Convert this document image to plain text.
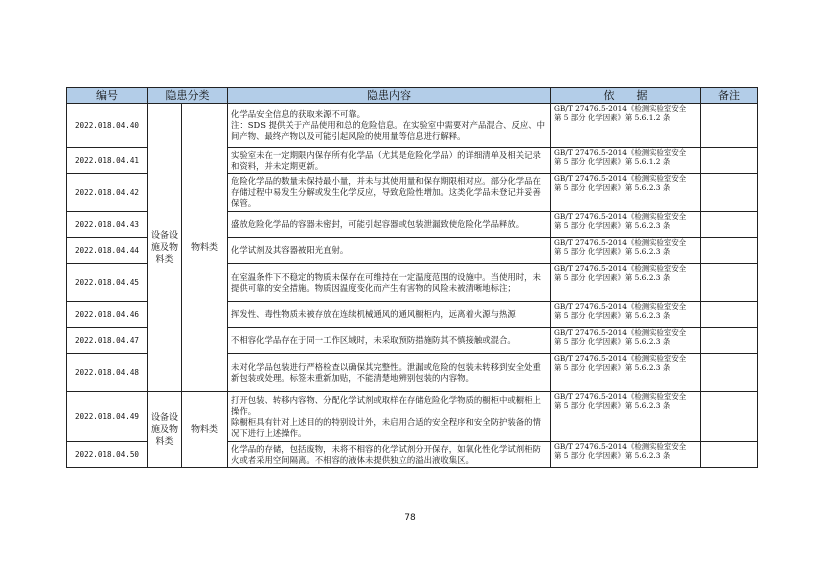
编号	隐患分类		隐患内容	依　　据	备注
2022.018.04.40	设备设施及物料类	物料类	化学品安全信息的获取来源不可靠。
注：SDS 提供关于产品使用和总的危险信息。在实验室中需要对产品混合、反应、中间产物、最终产物以及可能引起风险的使用量等信息进行解释。	GB/T 27476.5-2014《检测实验室安全
第 5 部分 化学因素》第 5.6.1.2 条	
2022.018.04.41			实验室未在一定期限内保存所有化学品（尤其是危险化学品）的详细清单及相关记录和资料，并未定期更新。	GB/T 27476.5-2014《检测实验室安全
第 5 部分 化学因素》第 5.6.1.2 条	
2022.018.04.42			危险化学品的数量未保持最小量，并未与其使用量和保存期限相对应。部分化学品在存储过程中易发生分解或发生化学反应，导致危险性增加。这类化学品未登记并妥善保管。	GB/T 27476.5-2014《检测实验室安全
第 5 部分 化学因素》第 5.6.2.3 条	
2022.018.04.43			盛放危险化学品的容器未密封，可能引起容器或包装泄漏致使危险化学品释放。	GB/T 27476.5-2014《检测实验室安全
第 5 部分 化学因素》第 5.6.2.3 条	
2022.018.04.44			化学试剂及其容器被阳光直射。	GB/T 27476.5-2014《检测实验室安全
第 5 部分 化学因素》第 5.6.2.3 条	
2022.018.04.45			在室温条件下不稳定的物质未保存在可维持在一定温度范围的设施中。当使用时，未提供可靠的安全措施。物质因温度变化而产生有害物的风险未被清晰地标注；	GB/T 27476.5-2014《检测实验室安全
第 5 部分 化学因素》第 5.6.2.3 条	
2022.018.04.46			挥发性、毒性物质未被存放在连续机械通风的通风橱柜内，远离着火源与热源	GB/T 27476.5-2014《检测实验室安全
第 5 部分 化学因素》第 5.6.2.3 条	
2022.018.04.47			不相容化学品存在于同一工作区域时，未采取预防措施防其不慎接触或混合。	GB/T 27476.5-2014《检测实验室安全
第 5 部分 化学因素》第 5.6.2.3 条	
2022.018.04.48			未对化学品包装进行严格检查以确保其完整性。泄漏或危险的包装未转移到安全处重新包装或处理。标签未重新加贴，不能清楚地辨别包装的内容物。	GB/T 27476.5-2014《检测实验室安全
第 5 部分 化学因素》第 5.6.2.3 条	
2022.018.04.49	设备设施及物料类	物料类	打开包装、转移内容物、分配化学试剂或取样在存储危险化学物质的橱柜中或橱柜上操作。
除橱柜具有针对上述目的的特别设计外，未启用合适的安全程序和安全防护装备的情况下进行上述操作。	GB/T 27476.5-2014《检测实验室安全
第 5 部分 化学因素》第 5.6.2.3 条	
2022.018.04.50			化学品的存储，包括废物，未将不相容的化学试剂分开保存，如氧化性化学试剂柜防火或者采用空间隔离。不相容的液体未提供独立的溢出液收集区。	GB/T 27476.5-2014《检测实验室安全
第 5 部分 化学因素》第 5.6.2.3 条	
78
